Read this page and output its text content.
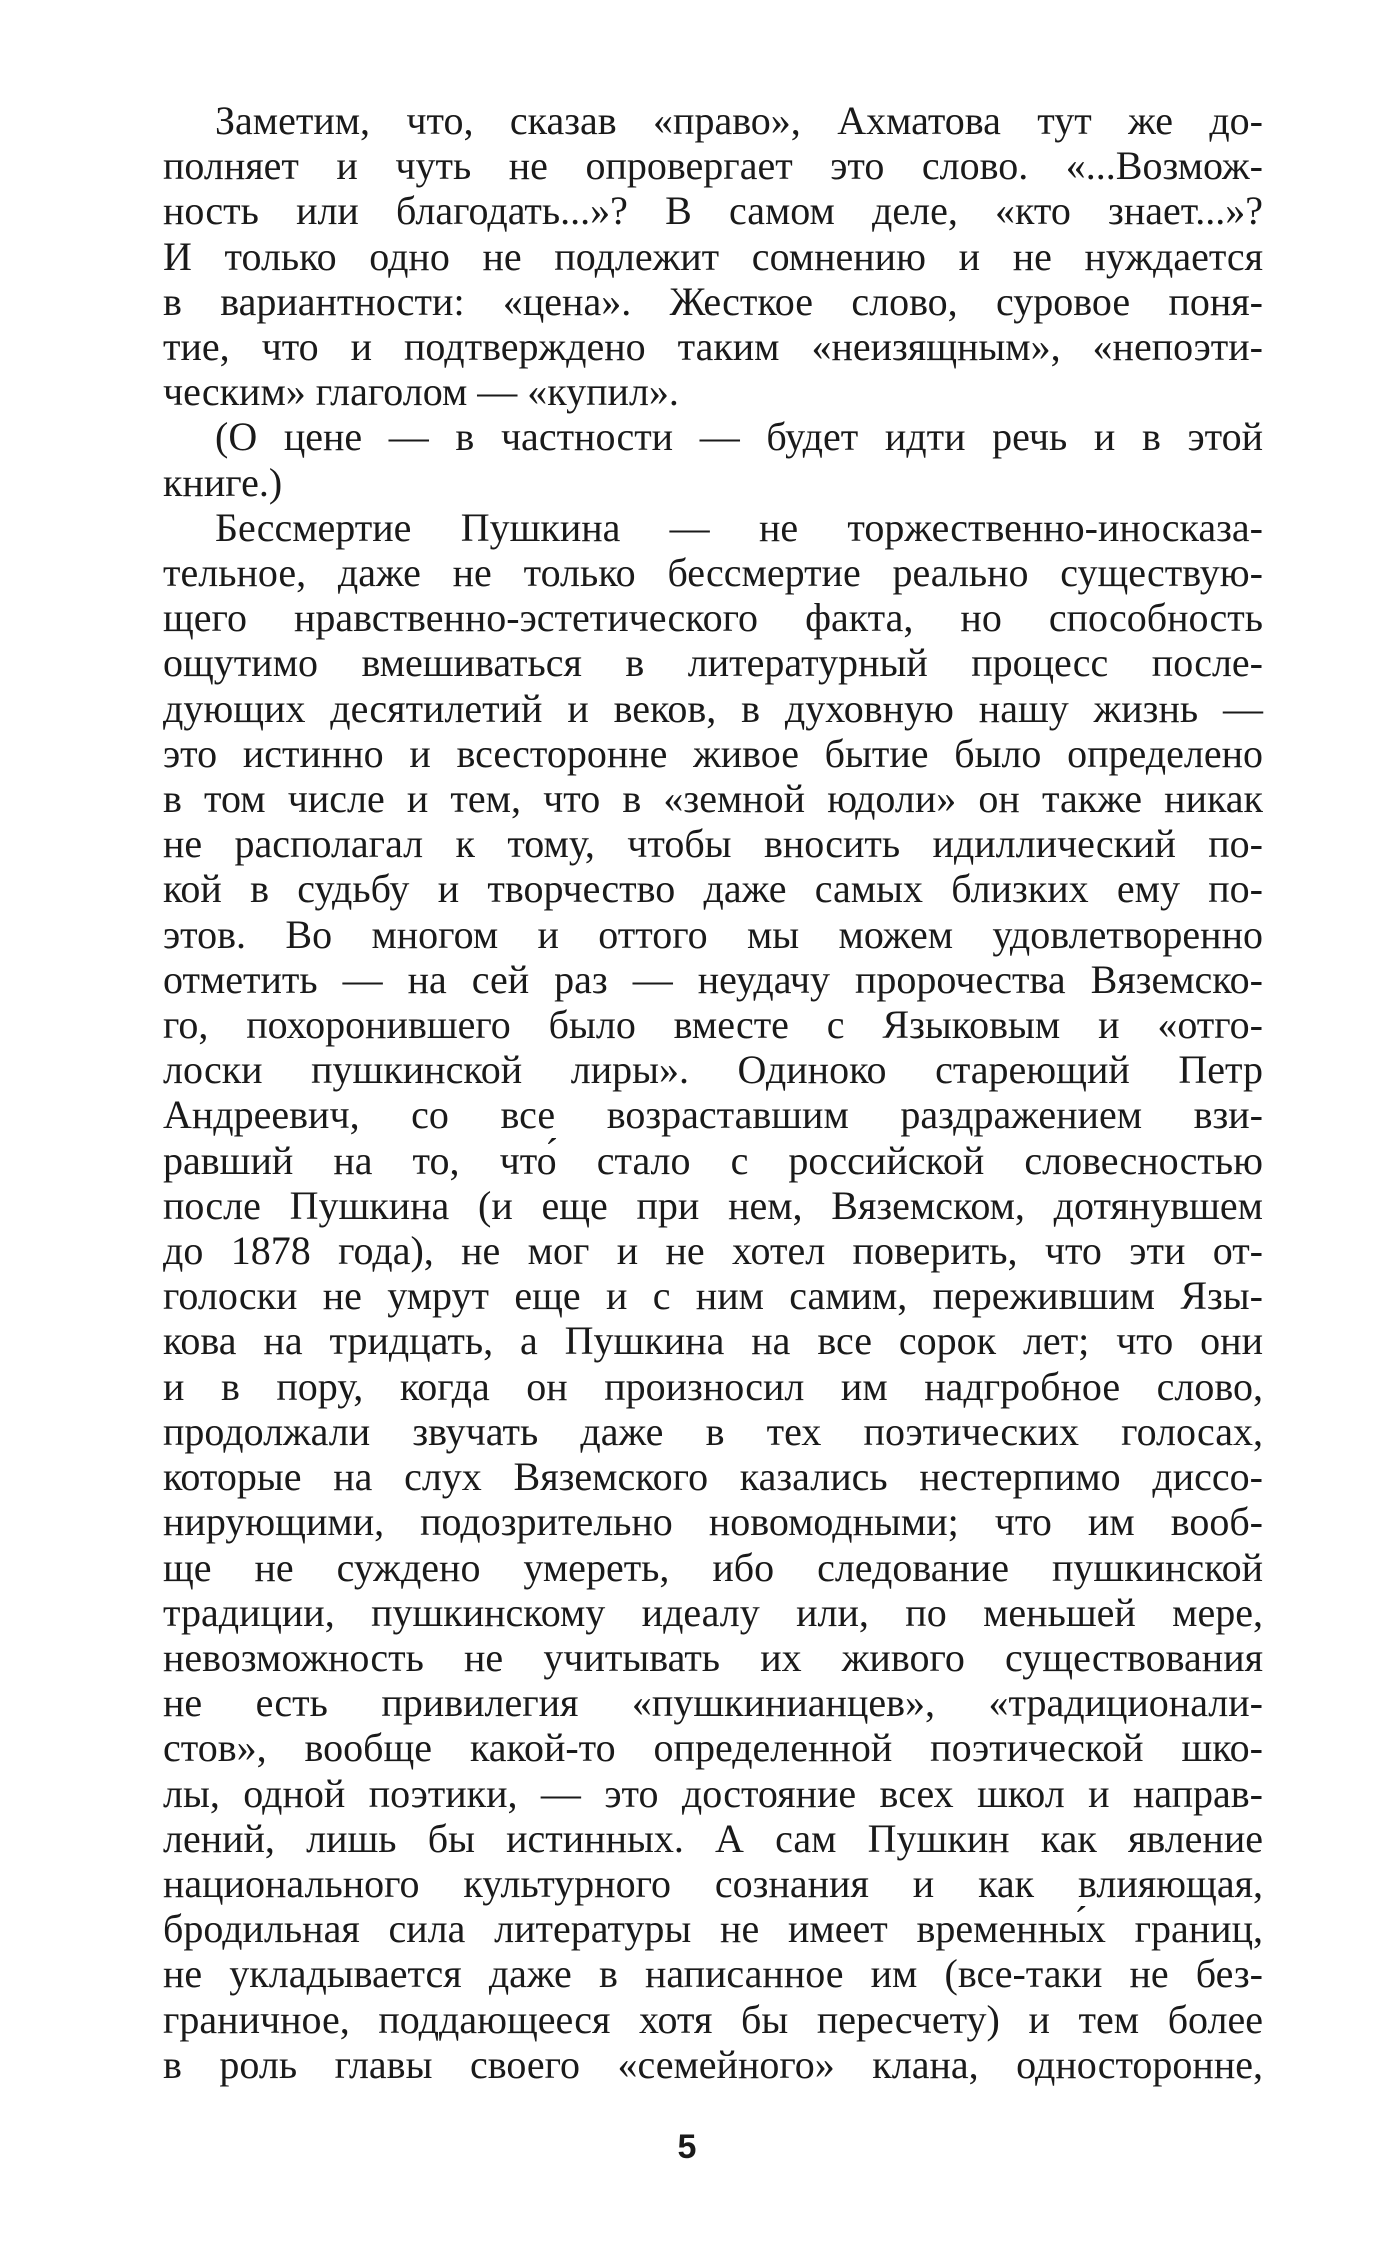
Заметим, что, сказав «право», Ахматова тут же до-
полняет и чуть не опровергает это слово. «...Возмож-
ность или благодать...»? В самом деле, «кто знает...»?
И только одно не подлежит сомнению и не нуждается
в вариантности: «цена». Жесткое слово, суровое поня-
тие, что и подтверждено таким «неизящным», «непоэти-
ческим» глаголом — «купил».
(О цене — в частности — будет идти речь и в этой
книге.)
Бессмертие Пушкина — не торжественно-иносказа-
тельное, даже не только бессмертие реально существую-
щего нравственно-эстетического факта, но способность
ощутимо вмешиваться в литературный процесс после-
дующих десятилетий и веков, в духовную нашу жизнь —
это истинно и всесторонне живое бытие было определено
в том числе и тем, что в «земной юдоли» он также никак
не располагал к тому, чтобы вносить идиллический по-
кой в судьбу и творчество даже самых близких ему по-
этов. Во многом и оттого мы можем удовлетворенно
отметить — на сей раз — неудачу пророчества Вяземско-
го, похоронившего было вместе с Языковым и «отго-
лоски пушкинской лиры». Одиноко стареющий Петр
Андреевич, со все возраставшим раздражением взи-
равший на то, что́ стало с российской словесностью
после Пушкина (и еще при нем, Вяземском, дотянувшем
до 1878 года), не мог и не хотел поверить, что эти от-
голоски не умрут еще и с ним самим, пережившим Язы-
кова на тридцать, а Пушкина на все сорок лет; что они
и в пору, когда он произносил им надгробное слово,
продолжали звучать даже в тех поэтических голосах,
которые на слух Вяземского казались нестерпимо диссо-
нирующими, подозрительно новомодными; что им вооб-
ще не суждено умереть, ибо следование пушкинской
традиции, пушкинскому идеалу или, по меньшей мере,
невозможность не учитывать их живого существования
не есть привилегия «пушкинианцев», «традиционали-
стов», вообще какой-то определенной поэтической шко-
лы, одной поэтики, — это достояние всех школ и направ-
лений, лишь бы истинных. А сам Пушкин как явление
национального культурного сознания и как влияющая,
бродильная сила литературы не имеет временны́х границ,
не укладывается даже в написанное им (все-таки не без-
граничное, поддающееся хотя бы пересчету) и тем более
в роль главы своего «семейного» клана, односторонне,
5
